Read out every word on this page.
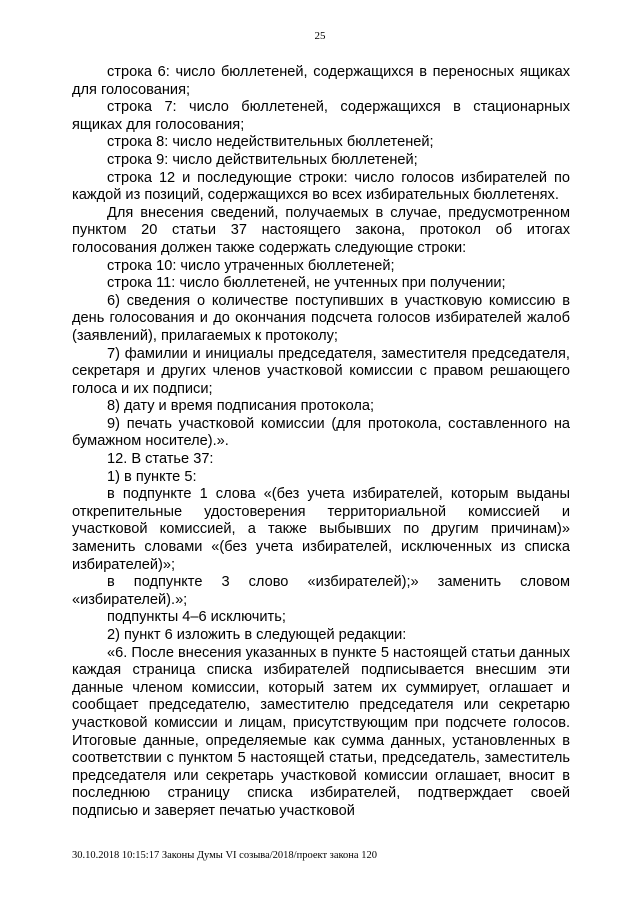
25

строка 6: число бюллетеней, содержащихся в переносных ящиках для голосования;

строка 7: число бюллетеней, содержащихся в стационарных ящиках для голосования;

строка 8: число недействительных бюллетеней;

строка 9: число действительных бюллетеней;

строка 12 и последующие строки: число голосов избирателей по каждой из позиций, содержащихся во всех избирательных бюллетенях.

Для внесения сведений, получаемых в случае, предусмотренном пунктом 20 статьи 37 настоящего закона, протокол об итогах голосования должен также содержать следующие строки:

строка 10: число утраченных бюллетеней;

строка 11: число бюллетеней, не учтенных при получении;

6) сведения о количестве поступивших в участковую комиссию в день голосования и до окончания подсчета голосов избирателей жалоб (заявлений), прилагаемых к протоколу;

7) фамилии и инициалы председателя, заместителя председателя, секретаря и других членов участковой комиссии с правом решающего голоса и их подписи;

8) дату и время подписания протокола;

9) печать участковой комиссии (для протокола, составленного на бумажном носителе).».

12. В статье 37:

1) в пункте 5:

в подпункте 1 слова «(без учета избирателей, которым выданы открепительные удостоверения территориальной комиссией и участковой комиссией, а также выбывших по другим причинам)» заменить словами «(без учета избирателей, исключенных из списка избирателей)»;

в подпункте 3 слово «избирателей);» заменить словом «избирателей).»;

подпункты 4–6 исключить;

2) пункт 6 изложить в следующей редакции:

«6. После внесения указанных в пункте 5 настоящей статьи данных каждая страница списка избирателей подписывается внесшим эти данные членом комиссии, который затем их суммирует, оглашает и сообщает председателю, заместителю председателя или секретарю участковой комиссии и лицам, присутствующим при подсчете голосов. Итоговые данные, определяемые как сумма данных, установленных в соответствии с пунктом 5 настоящей статьи, председатель, заместитель председателя или секретарь участковой комиссии оглашает, вносит в последнюю страницу списка избирателей, подтверждает своей подписью и заверяет печатью участковой

30.10.2018 10:15:17 Законы Думы VI созыва/2018/проект закона 120
